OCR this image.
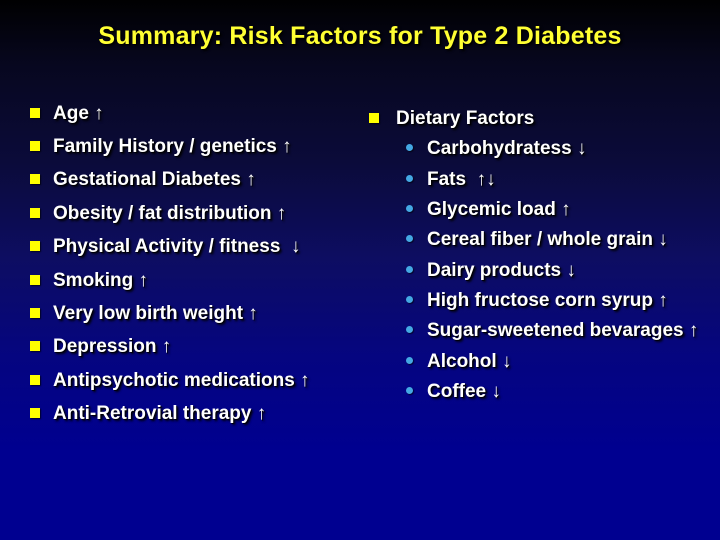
Summary: Risk Factors for Type 2 Diabetes
Age ↑
Family History / genetics ↑
Gestational Diabetes ↑
Obesity / fat distribution ↑
Physical Activity / fitness  ↓
Smoking ↑
Very low birth weight ↑
Depression ↑
Antipsychotic medications ↑
Anti-Retrovial therapy ↑
Dietary Factors
Carbohydratess ↓
Fats  ↑↓
Glycemic load ↑
Cereal fiber / whole grain ↓
Dairy products ↓
High fructose corn syrup ↑
Sugar-sweetened bevarages ↑
Alcohol ↓
Coffee ↓
